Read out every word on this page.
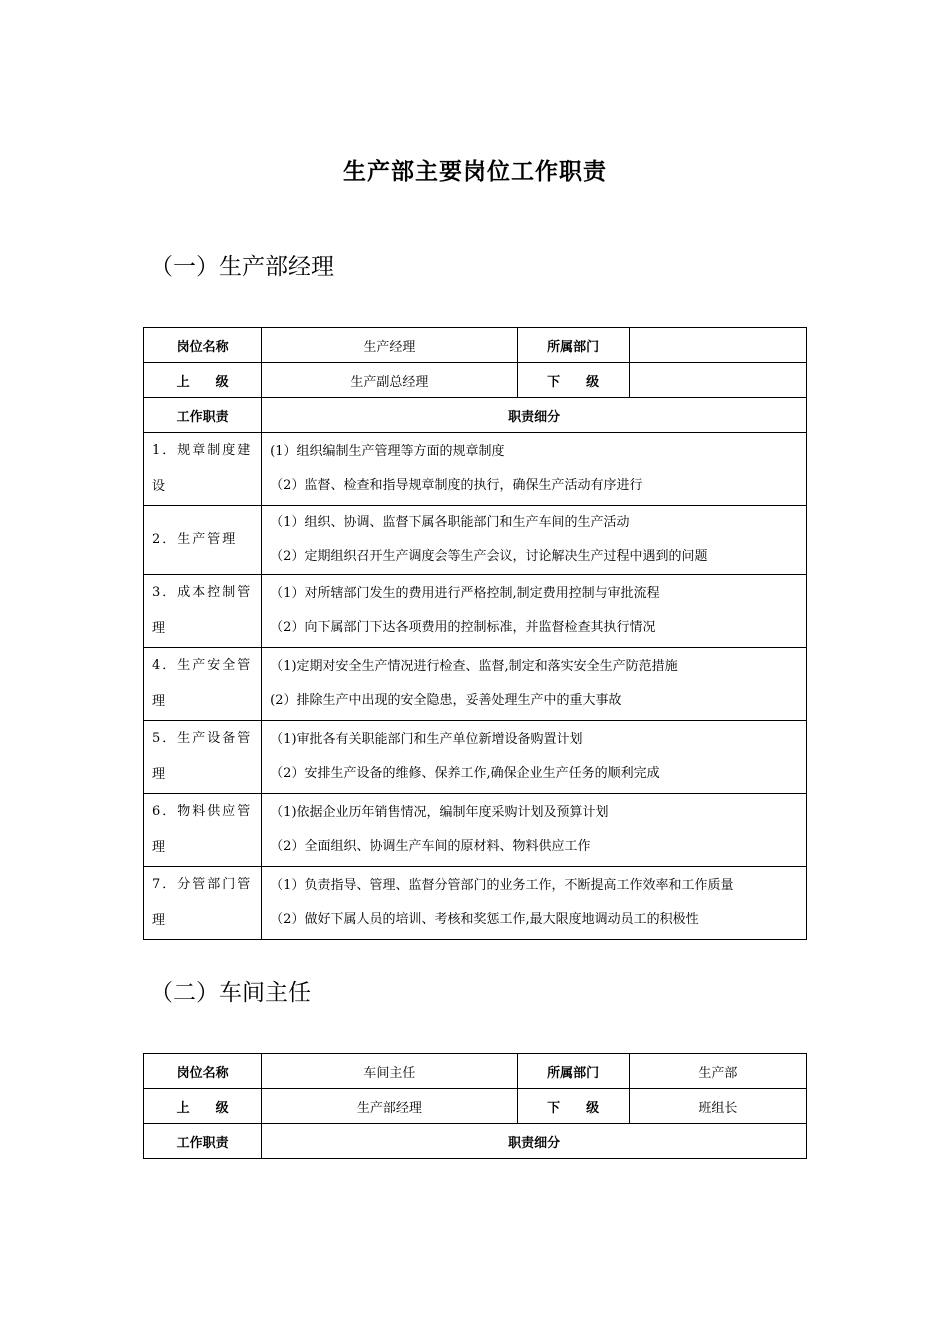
生产部主要岗位工作职责
（一）生产部经理
岗位名称	生产经理	所属部门	
上　　级	生产副总经理	下　　级	
工作职责	职责细分		
1．规章制度建设	(1）组织编制生产管理等方面的规章制度
（2）监督、检查和指导规章制度的执行，确保生产活动有序进行		

2．生产管理	（1）组织、协调、监督下属各职能部门和生产车间的生产活动
（2）定期组织召开生产调度会等生产会议，讨论解决生产过程中遇到的问题		

3．成本控制管理	（1）对所辖部门发生的费用进行严格控制,制定费用控制与审批流程
（2）向下属部门下达各项费用的控制标准，并监督检查其执行情况		

4．生产安全管理	（1)定期对安全生产情况进行检查、监督,制定和落实安全生产防范措施
(2）排除生产中出现的安全隐患，妥善处理生产中的重大事故		

5．生产设备管理	（1)审批各有关职能部门和生产单位新增设备购置计划
（2）安排生产设备的维修、保养工作,确保企业生产任务的顺利完成		

6．物料供应管理	（1)依据企业历年销售情况，编制年度采购计划及预算计划
（2）全面组织、协调生产车间的原材料、物料供应工作		

7．分管部门管理	（1）负责指导、管理、监督分管部门的业务工作，不断提高工作效率和工作质量
（2）做好下属人员的培训、考核和奖惩工作,最大限度地调动员工的积极性		
（二）车间主任
岗位名称	车间主任	所属部门	生产部
上　　级	生产部经理	下　　级	班组长
工作职责	职责细分		
